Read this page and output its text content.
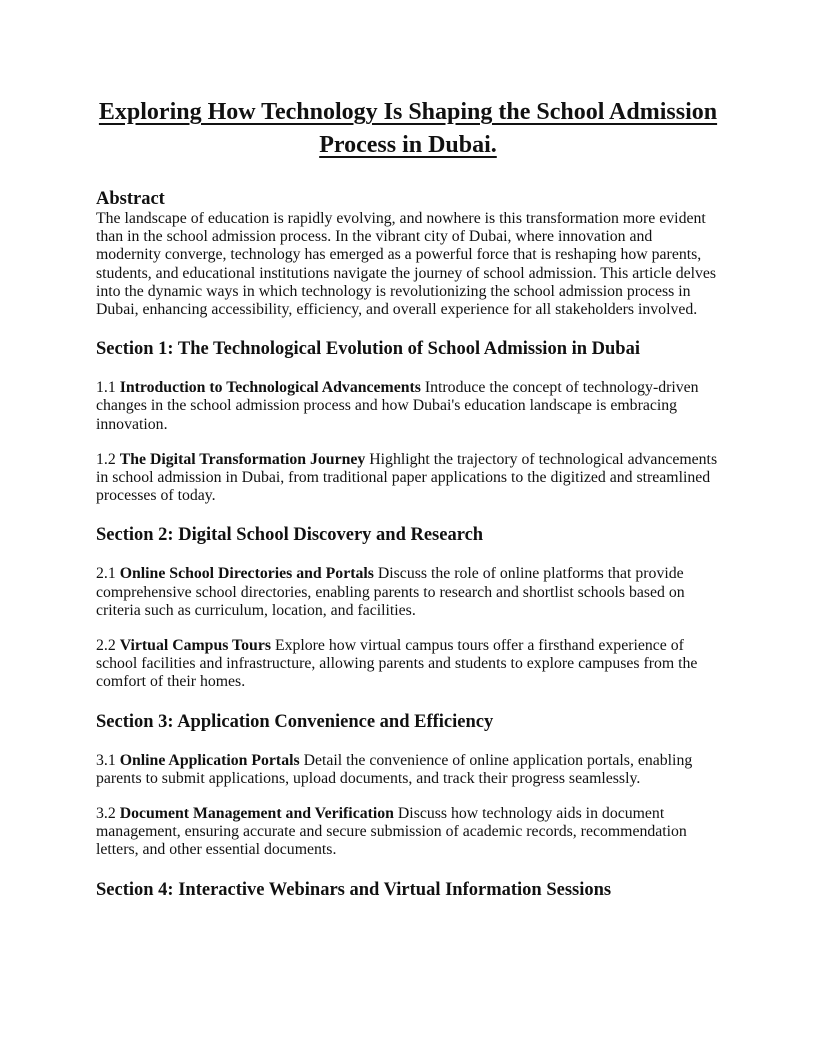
Exploring How Technology Is Shaping the School Admission Process in Dubai.
Abstract

The landscape of education is rapidly evolving, and nowhere is this transformation more evident than in the school admission process. In the vibrant city of Dubai, where innovation and modernity converge, technology has emerged as a powerful force that is reshaping how parents, students, and educational institutions navigate the journey of school admission. This article delves into the dynamic ways in which technology is revolutionizing the school admission process in Dubai, enhancing accessibility, efficiency, and overall experience for all stakeholders involved.

Section 1: The Technological Evolution of School Admission in Dubai

1.1 Introduction to Technological Advancements Introduce the concept of technology-driven changes in the school admission process and how Dubai's education landscape is embracing innovation.

1.2 The Digital Transformation Journey Highlight the trajectory of technological advancements in school admission in Dubai, from traditional paper applications to the digitized and streamlined processes of today.

Section 2: Digital School Discovery and Research

2.1 Online School Directories and Portals Discuss the role of online platforms that provide comprehensive school directories, enabling parents to research and shortlist schools based on criteria such as curriculum, location, and facilities.

2.2 Virtual Campus Tours Explore how virtual campus tours offer a firsthand experience of school facilities and infrastructure, allowing parents and students to explore campuses from the comfort of their homes.

Section 3: Application Convenience and Efficiency

3.1 Online Application Portals Detail the convenience of online application portals, enabling parents to submit applications, upload documents, and track their progress seamlessly.

3.2 Document Management and Verification Discuss how technology aids in document management, ensuring accurate and secure submission of academic records, recommendation letters, and other essential documents.

Section 4: Interactive Webinars and Virtual Information Sessions
